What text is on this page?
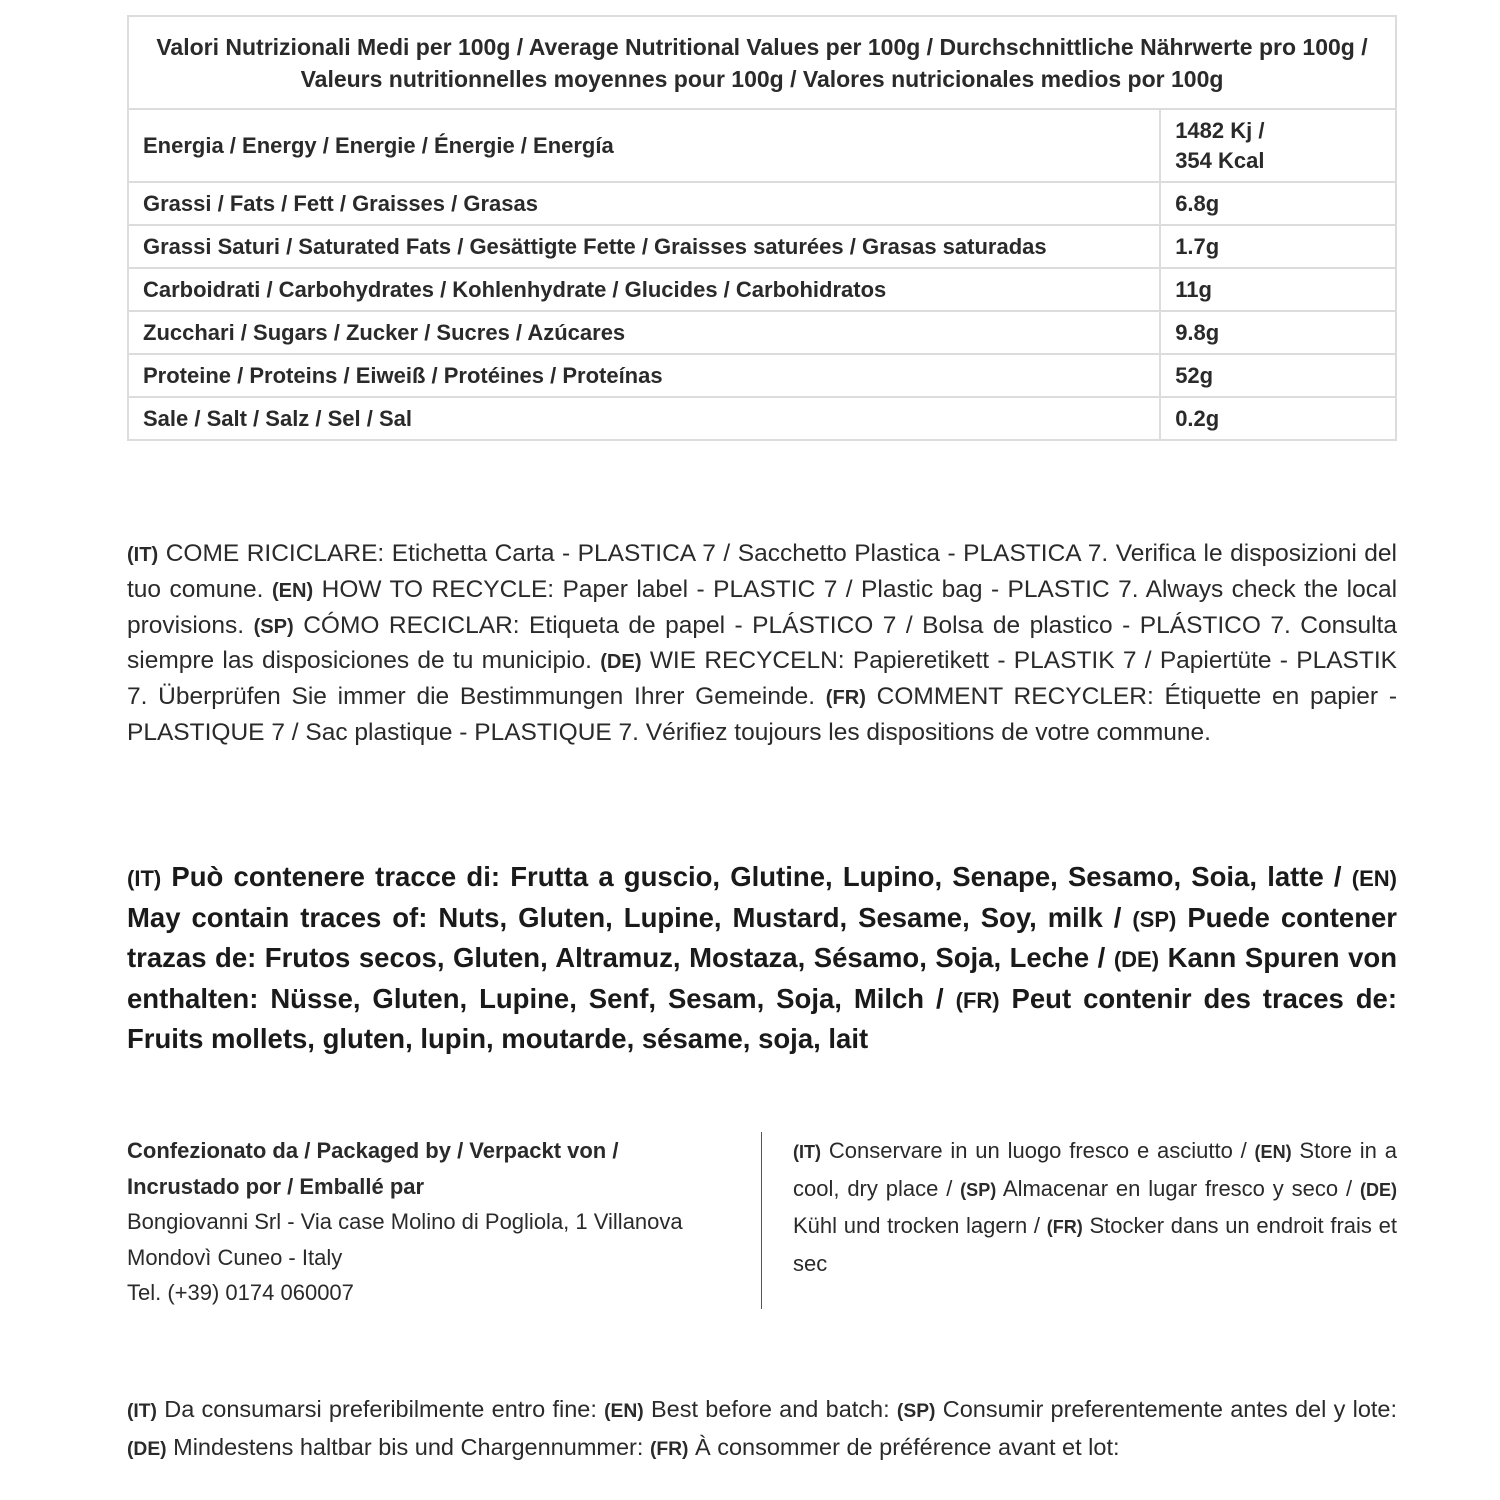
Valori Nutrizionali Medi per 100g / Average Nutritional Values per 100g / Durchschnittliche Nährwerte pro 100g / Valeurs nutritionnelles moyennes pour 100g / Valores nutricionales medios por 100g	
Energia / Energy / Energie / Énergie / Energía	1482 Kj /
354 Kcal
Grassi / Fats / Fett / Graisses / Grasas	6.8g
Grassi Saturi / Saturated Fats / Gesättigte Fette / Graisses saturées / Grasas saturadas	1.7g
Carboidrati / Carbohydrates / Kohlenhydrate / Glucides / Carbohidratos	11g
Zucchari / Sugars / Zucker / Sucres / Azúcares	9.8g
Proteine / Proteins / Eiweiß / Protéines / Proteínas	52g
Sale / Salt / Salz / Sel / Sal	0.2g
(IT) COME RICICLARE: Etichetta Carta - PLASTICA 7 / Sacchetto Plastica - PLASTICA 7. Verifica le disposizioni del tuo comune. (EN) HOW TO RECYCLE: Paper label - PLASTIC 7 / Plastic bag - PLASTIC 7. Always check the local provisions. (SP) CÓMO RECICLAR: Etiqueta de papel - PLÁSTICO 7 / Bolsa de plastico - PLÁSTICO 7. Consulta siempre las disposiciones de tu municipio. (DE) WIE RECYCELN: Papieretikett - PLASTIK 7 / Papiertüte - PLASTIK 7. Überprüfen Sie immer die Bestimmungen Ihrer Gemeinde. (FR) COMMENT RECYCLER: Étiquette en papier - PLASTIQUE 7 / Sac plastique - PLASTIQUE 7. Vérifiez toujours les dispositions de votre commune.
(IT) Può contenere tracce di: Frutta a guscio, Glutine, Lupino, Senape, Sesamo, Soia, latte / (EN) May contain traces of: Nuts, Gluten, Lupine, Mustard, Sesame, Soy, milk / (SP) Puede contener trazas de: Frutos secos, Gluten, Altramuz, Mostaza, Sésamo, Soja, Leche / (DE) Kann Spuren von enthalten: Nüsse, Gluten, Lupine, Senf, Sesam, Soja, Milch / (FR) Peut contenir des traces de: Fruits mollets, gluten, lupin, moutarde, sésame, soja, lait
Confezionato da / Packaged by / Verpackt von /
Incrustado por / Emballé par
Bongiovanni Srl - Via case Molino di Pogliola, 1 Villanova
Mondovì Cuneo - Italy
Tel. (+39) 0174 060007
(IT) Conservare in un luogo fresco e asciutto / (EN) Store in a cool, dry place / (SP) Almacenar en lugar fresco y seco / (DE) Kühl und trocken lagern / (FR) Stocker dans un endroit frais et sec
(IT) Da consumarsi preferibilmente entro fine: (EN) Best before and batch: (SP) Consumir preferentemente antes del y lote: (DE) Mindestens haltbar bis und Chargennummer: (FR) À consommer de préférence avant et lot:
